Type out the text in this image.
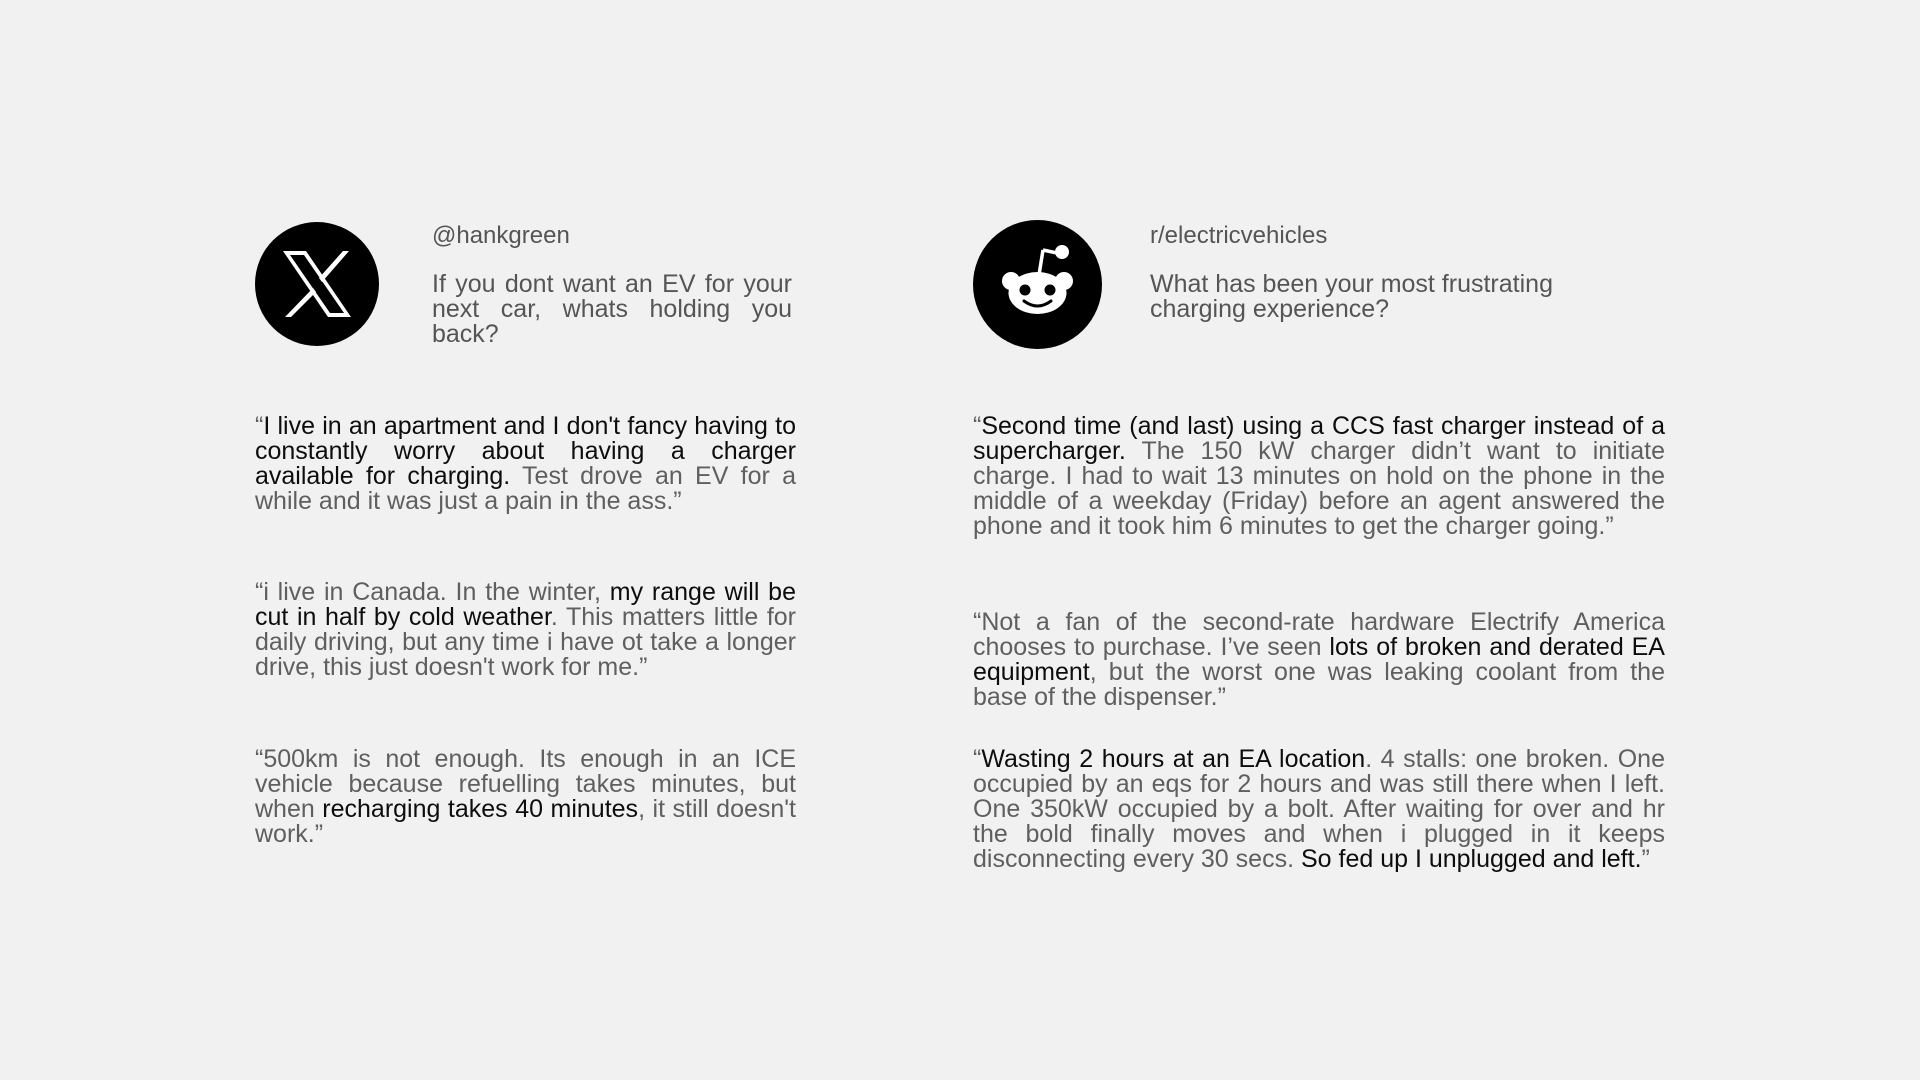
@hankgreen
If you dont want an EV for your next car, whats holding you back?
“I live in an apartment and I don't fancy having to constantly worry about having a charger available for charging. Test drove an EV for a while and it was just a pain in the ass.”
“i live in Canada. In the winter, my range will be cut in half by cold weather. This matters little for daily driving, but any time i have ot take a longer drive, this just doesn't work for me.”
“500km is not enough. Its enough in an ICE vehicle because refuelling takes minutes, but when recharging takes 40 minutes, it still doesn't work.”
r/electricvehicles
What has been your most frustrating charging experience?
“Second time (and last) using a CCS fast charger instead of a supercharger. The 150 kW charger didn’t want to initiate charge. I had to wait 13 minutes on hold on the phone in the middle of a weekday (Friday) before an agent answered the phone and it took him 6 minutes to get the charger going.”
“Not a fan of the second-rate hardware Electrify America chooses to purchase. I’ve seen lots of broken and derated EA equipment, but the worst one was leaking coolant from the base of the dispenser.”
“Wasting 2 hours at an EA location. 4 stalls: one broken. One occupied by an eqs for 2 hours and was still there when I left. One 350kW occupied by a bolt. After waiting for over and hr the bold finally moves and when i plugged in it keeps disconnecting every 30 secs. So fed up I unplugged and left.”
